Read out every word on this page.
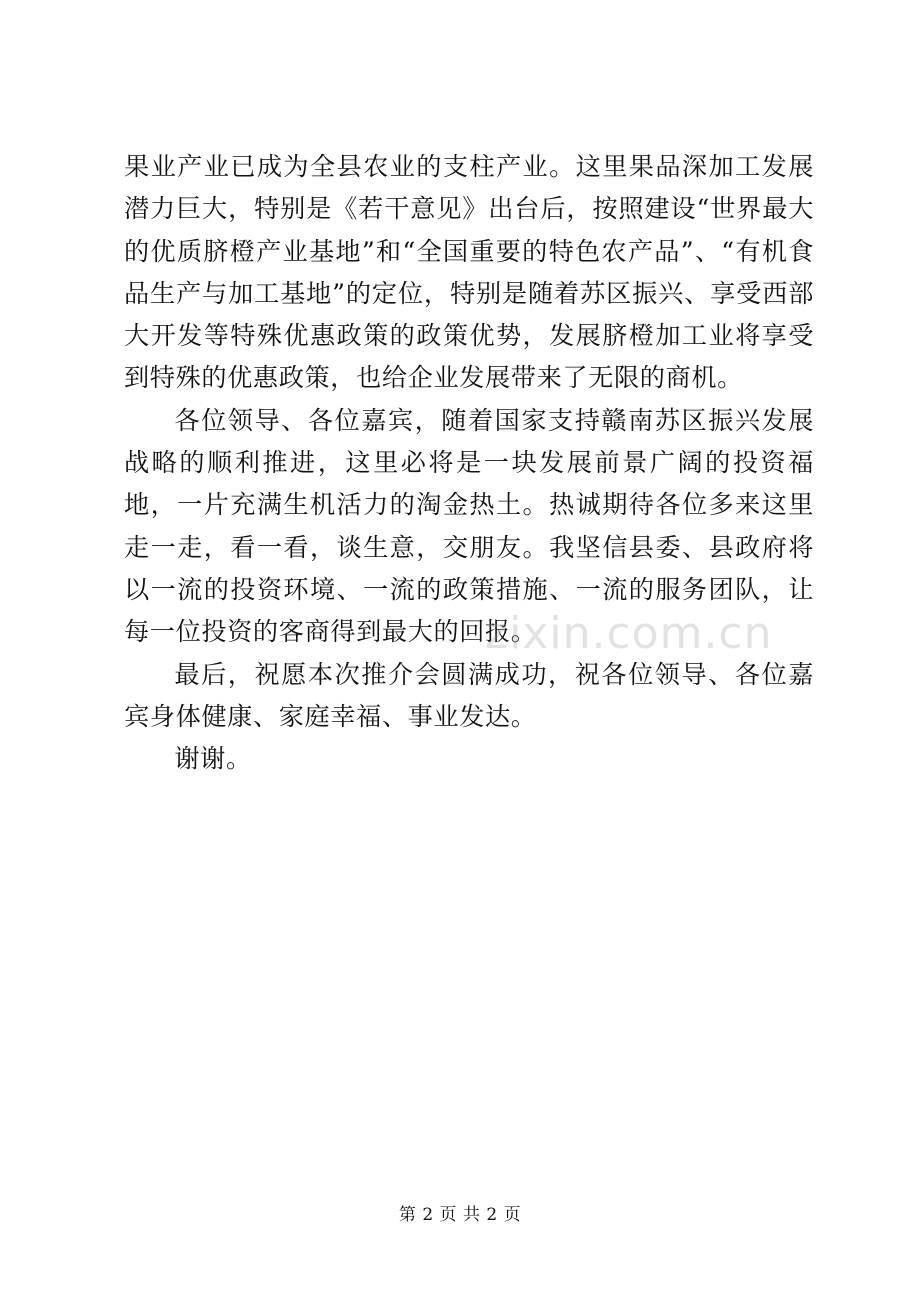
果业产业已成为全县农业的支柱产业。这里果品深加工发展潜力巨大，特别是《若干意见》出台后，按照建设“世界最大的优质脐橙产业基地”和“全国重要的特色农产品”、“有机食品生产与加工基地”的定位，特别是随着苏区振兴、享受西部大开发等特殊优惠政策的政策优势，发展脐橙加工业将享受到特殊的优惠政策，也给企业发展带来了无限的商机。

各位领导、各位嘉宾，随着国家支持赣南苏区振兴发展战略的顺利推进，这里必将是一块发展前景广阔的投资福地，一片充满生机活力的淘金热土。热诚期待各位多来这里走一走，看一看，谈生意，交朋友。我坚信县委、县政府将以一流的投资环境、一流的政策措施、一流的服务团队，让每一位投资的客商得到最大的回报。

最后，祝愿本次推介会圆满成功，祝各位领导、各位嘉宾身体健康、家庭幸福、事业发达。

谢谢。

zixin.com.cn
第 2 页 共 2 页
